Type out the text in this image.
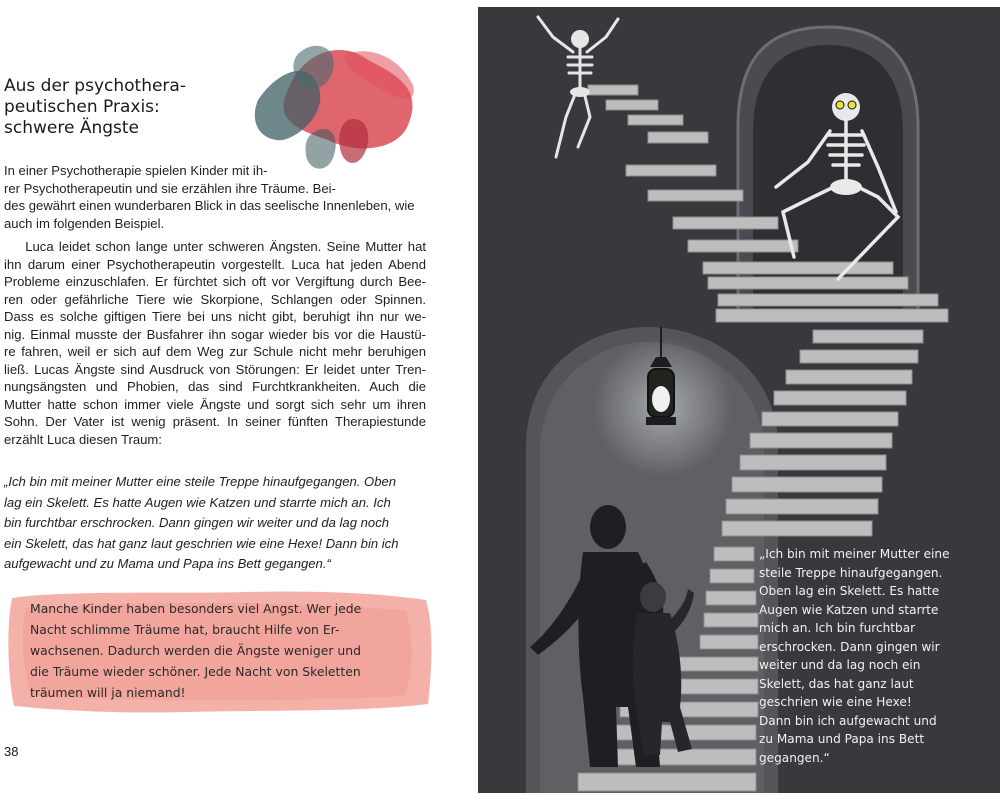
Aus der psychothera-
peutischen Praxis:
schwere Ängste

In einer Psychotherapie spielen Kinder mit ih-
rer Psychotherapeutin und sie erzählen ihre Träume. Bei-
des gewährt einen wunderbaren Blick in das seelische Innenleben, wie
auch im folgenden Beispiel.

Luca leidet schon lange unter schweren Ängsten. Seine Mutter hat
ihn darum einer Psychotherapeutin vorgestellt. Luca hat jeden Abend
Probleme einzuschlafen. Er fürchtet sich oft vor Vergiftung durch Bee-
ren oder gefährliche Tiere wie Skorpione, Schlangen oder Spinnen.
Dass es solche giftigen Tiere bei uns nicht gibt, beruhigt ihn nur we-
nig. Einmal musste der Busfahrer ihn sogar wieder bis vor die Haustü-
re fahren, weil er sich auf dem Weg zur Schule nicht mehr beruhigen
ließ. Lucas Ängste sind Ausdruck von Störungen: Er leidet unter Tren-
nungsängsten und Phobien, das sind Furchtkrankheiten. Auch die
Mutter hatte schon immer viele Ängste und sorgt sich sehr um ihren
Sohn. Der Vater ist wenig präsent. In seiner fünften Therapiestunde
erzählt Luca diesen Traum:

„Ich bin mit meiner Mutter eine steile Treppe hinaufgegangen. Oben
lag ein Skelett. Es hatte Augen wie Katzen und starrte mich an. Ich
bin furchtbar erschrocken. Dann gingen wir weiter und da lag noch
ein Skelett, das hat ganz laut geschrien wie eine Hexe! Dann bin ich
aufgewacht und zu Mama und Papa ins Bett gegangen.“

Manche Kinder haben besonders viel Angst. Wer jede
Nacht schlimme Träume hat, braucht Hilfe von Er-
wachsenen. Dadurch werden die Ängste weniger und
die Träume wieder schöner. Jede Nacht von Skeletten
träumen will ja niemand!

38

„Ich bin mit meiner Mutter eine
steile Treppe hinaufgegangen.
Oben lag ein Skelett. Es hatte
Augen wie Katzen und starrte
mich an. Ich bin furchtbar
erschrocken. Dann gingen wir
weiter und da lag noch ein
Skelett, das hat ganz laut
geschrien wie eine Hexe!
Dann bin ich aufgewacht und
zu Mama und Papa ins Bett
gegangen.“
